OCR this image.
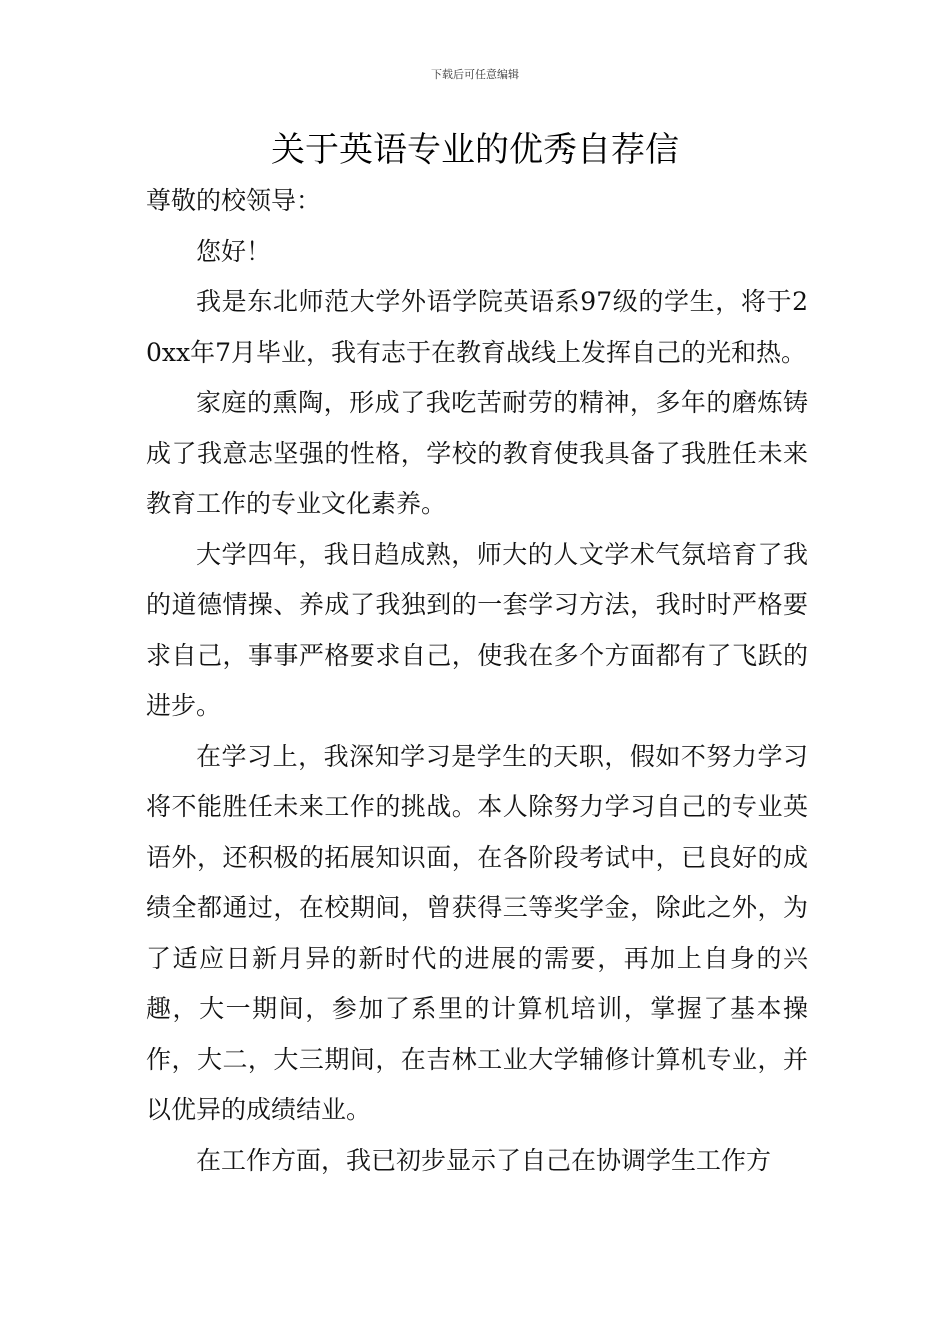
下载后可任意编辑
关于英语专业的优秀自荐信

尊敬的校领导：

您好！

我是东北师范大学外语学院英语系97级的学生，将于20xx年7月毕业，我有志于在教育战线上发挥自己的光和热。

家庭的熏陶，形成了我吃苦耐劳的精神，多年的磨炼铸成了我意志坚强的性格，学校的教育使我具备了我胜任未来教育工作的专业文化素养。

大学四年，我日趋成熟，师大的人文学术气氛培育了我的道德情操、养成了我独到的一套学习方法，我时时严格要求自己，事事严格要求自己，使我在多个方面都有了飞跃的进步。

在学习上，我深知学习是学生的天职，假如不努力学习将不能胜任未来工作的挑战。本人除努力学习自己的专业英语外，还积极的拓展知识面，在各阶段考试中，已良好的成绩全都通过，在校期间，曾获得三等奖学金，除此之外，为了适应日新月异的新时代的进展的需要，再加上自身的兴趣，大一期间，参加了系里的计算机培训，掌握了基本操作，大二，大三期间，在吉林工业大学辅修计算机专业，并以优异的成绩结业。

在工作方面，我已初步显示了自己在协调学生工作方
